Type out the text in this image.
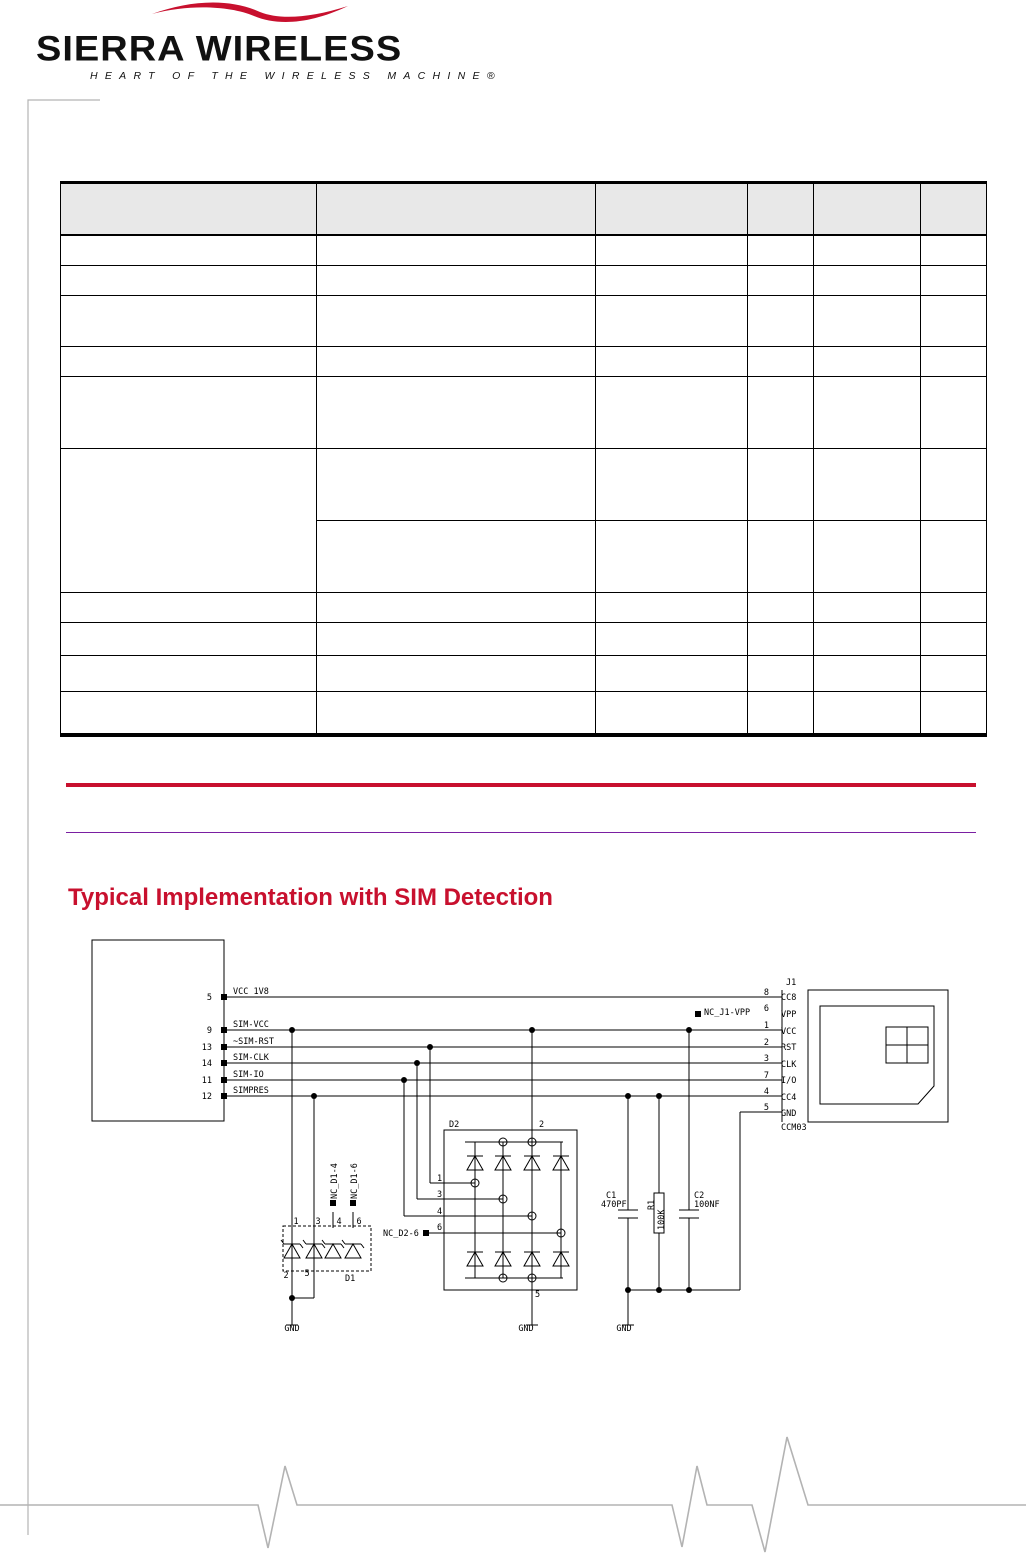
SIERRA WIRELESS
HEART OF THE WIRELESS MACHINE®

Typical Implementation with SIM Detection
5
9
13
14
11
12
VCC 1V8
SIM-VCC
~SIM-RST
SIM-CLK
SIM-IO
SIMPRES
J1
8
6
1
2
3
7
4
5
CC8
VPP
VCC
RST
CLK
I/O
CC4
GND
CCM03
NC_J1-VPP
1 3 4 6
2 5	D1
NC_D1-4 NC_D1-6
D2	2
1
3
4
6
5
NC_D2-6
C1
470PF R1
100K
C2
100NF
GND	GND	GND
